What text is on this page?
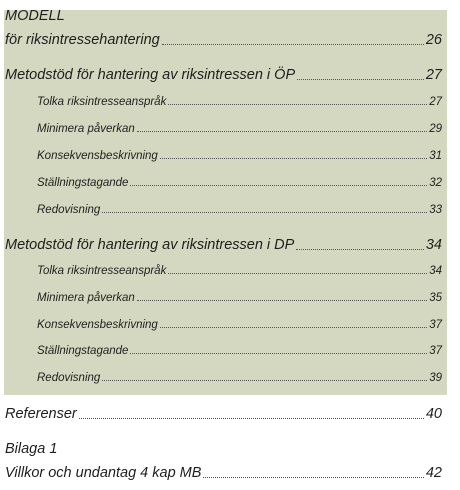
MODELL
för riksintressehantering	26
Metodstöd för hantering av riksintressen i ÖP	27
Tolka riksintresseanspråk	27
Minimera påverkan	29
Konsekvensbeskrivning	31
Ställningstagande	32
Redovisning	33
Metodstöd för hantering av riksintressen i DP	34
Tolka riksintresseanspråk	34
Minimera påverkan	35
Konsekvensbeskrivning	37
Ställningstagande	37
Redovisning	39
Referenser	40
Bilaga 1
Villkor och undantag 4 kap MB	42
